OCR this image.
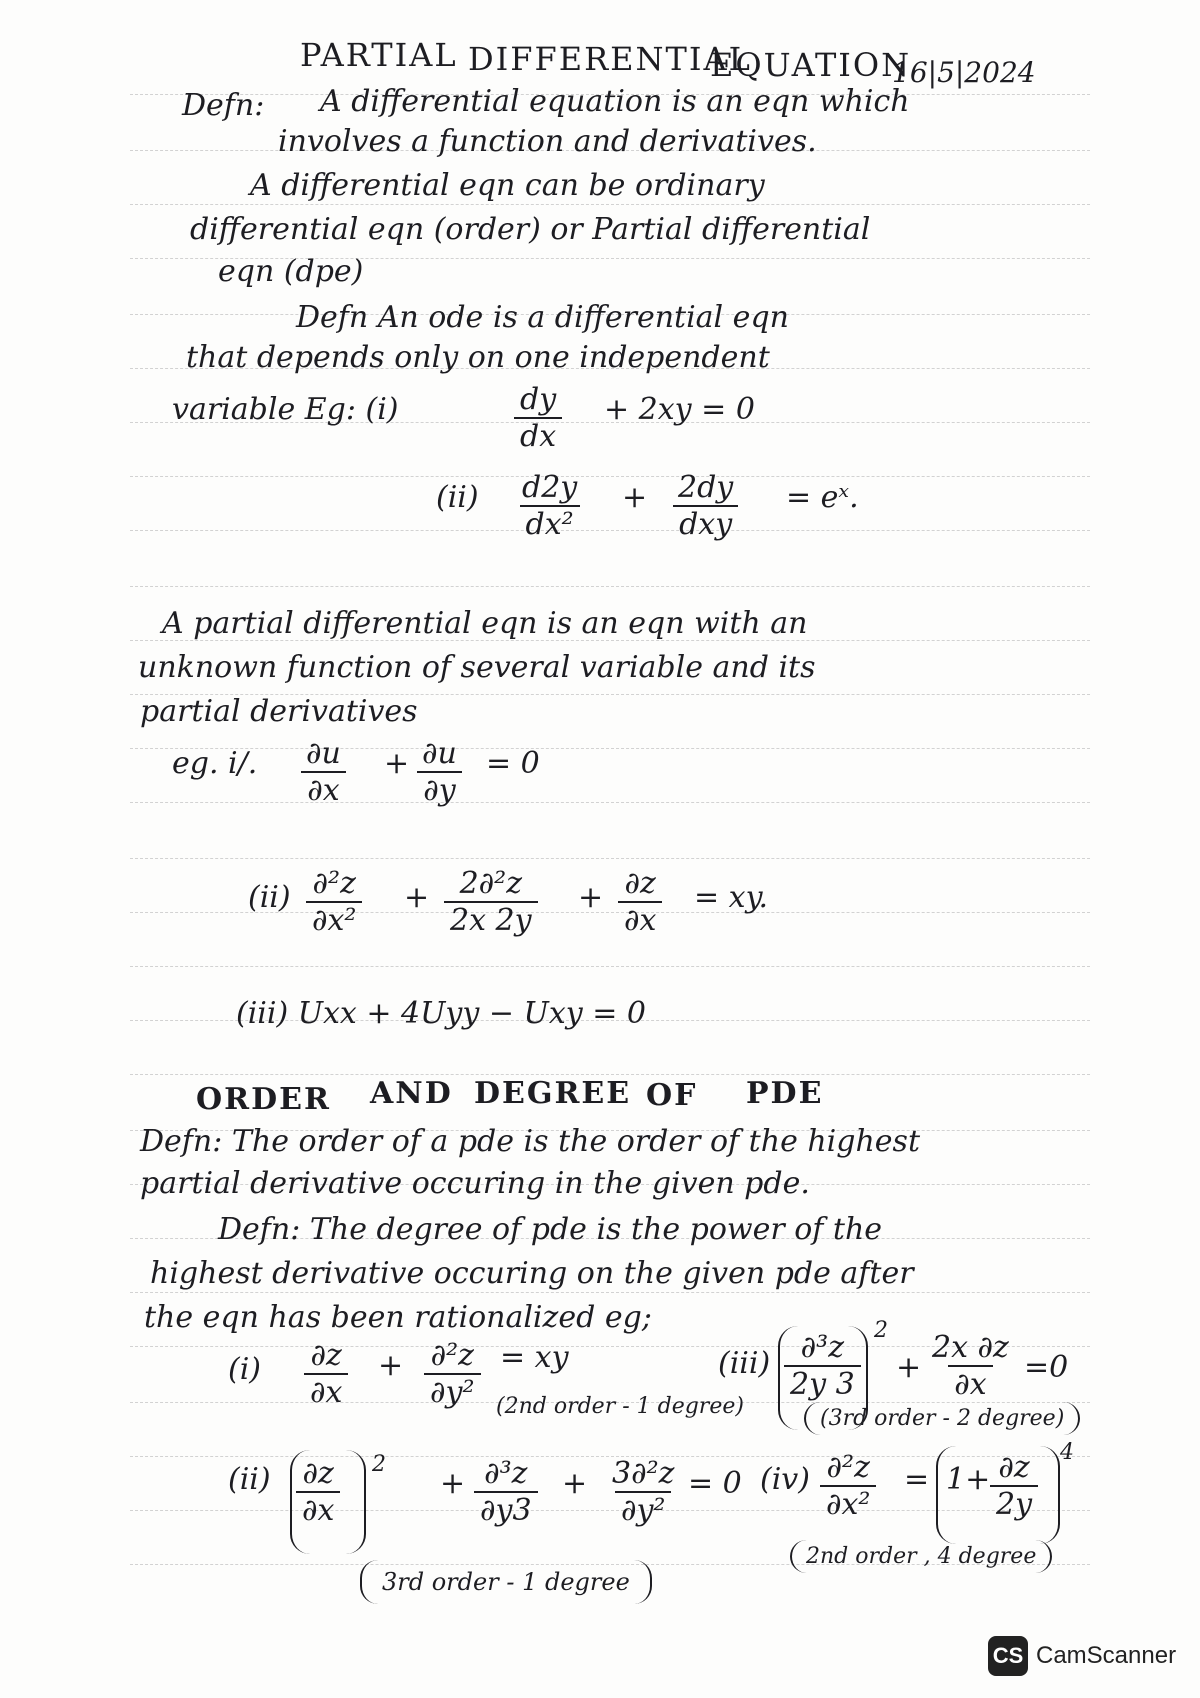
PARTIAL DIFFERENTIAL
EQUATION
16|5|2024
Defn: A differential equation is an eqn which
involves a function and derivatives.
A differential eqn can be ordinary
differential eqn (order) or Partial differential
eqn (dpe)
Defn An ode is a differential eqn
that depends only on one independent
variable Eg: (i)	$\frac{dy}{dx} + 2xy = 0$
$(ii) \frac{d2y}{\text{dx²}} + 2dy$
dxy
= eˣ.
A partial differential eqn is an eqn with an
unknown function of several variable and its
partial derivatives
eg. i/. $\frac{\partial u}{\partial x} + \frac{\partial u}{\partial y} = 0$
$(ii) \frac{\text{∂²z}}{\text{∂x²}} + \frac{\text{2∂²z}}{2x 2y} + \frac{\partial z}{\partial x}$ = xy.
(iii) Uxx + 4Uyy − Uxy = 0
ORDER AND DEGREE OF PDE
Defn: The order of a pde is the order of the highest
partial derivative occuring in the given pde.
Defn: The degree of pde is the power of the
highest derivative occuring on the given pde after
the eqn has been rationalized eg;
$(i) \frac{\partial z}{\partial x} + \frac{\text{∂²z}}{\text{∂y²}}$ = xy
(2nd order - 1 degree)
$(iii) \frac{\text{∂³z}}{2y 3} 2$
+ $\frac{2x \partial z}{\partial x} =0$
(3rd order - 2 degree)
$(ii) \frac{\partial z}{\partial x} 2$
+ $\frac{\text{∂³z}}{\partial y3} + \frac{\text{3∂²z}}{\text{∂y²}} = 0$
3rd order - 1 degree
$(iv) \frac{\text{∂²z}}{\text{∂x²}} = 1+ \frac{\partial z}{2y} 4$
2nd order , 4 degree
CS CamScanner
